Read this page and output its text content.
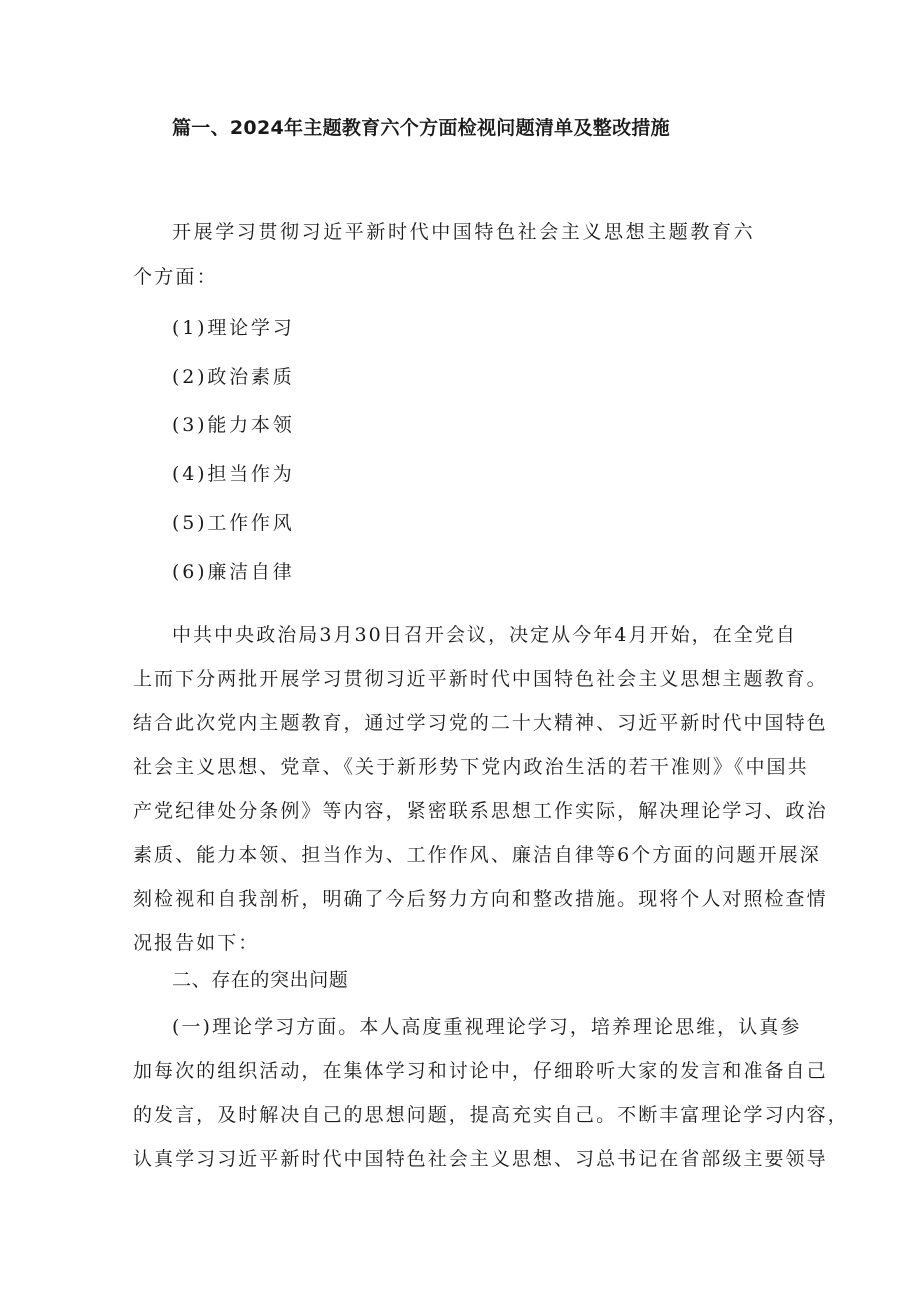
篇一、2024年主题教育六个方面检视问题清单及整改措施
开展学习贯彻习近平新时代中国特色社会主义思想主题教育六
个方面：
(1)理论学习
(2)政治素质
(3)能力本领
(4)担当作为
(5)工作作风
(6)廉洁自律
中共中央政治局3月30日召开会议，决定从今年4月开始，在全党自
上而下分两批开展学习贯彻习近平新时代中国特色社会主义思想主题教育。
结合此次党内主题教育，通过学习党的二十大精神、习近平新时代中国特色
社会主义思想、党章、《关于新形势下党内政治生活的若干准则》《中国共
产党纪律处分条例》等内容，紧密联系思想工作实际，解决理论学习、政治
素质、能力本领、担当作为、工作作风、廉洁自律等6个方面的问题开展深
刻检视和自我剖析，明确了今后努力方向和整改措施。现将个人对照检查情
况报告如下：
二、存在的突出问题
(一)理论学习方面。本人高度重视理论学习，培养理论思维，认真参
加每次的组织活动，在集体学习和讨论中，仔细聆听大家的发言和准备自己
的发言，及时解决自己的思想问题，提高充实自己。不断丰富理论学习内容，
认真学习习近平新时代中国特色社会主义思想、习总书记在省部级主要领导
